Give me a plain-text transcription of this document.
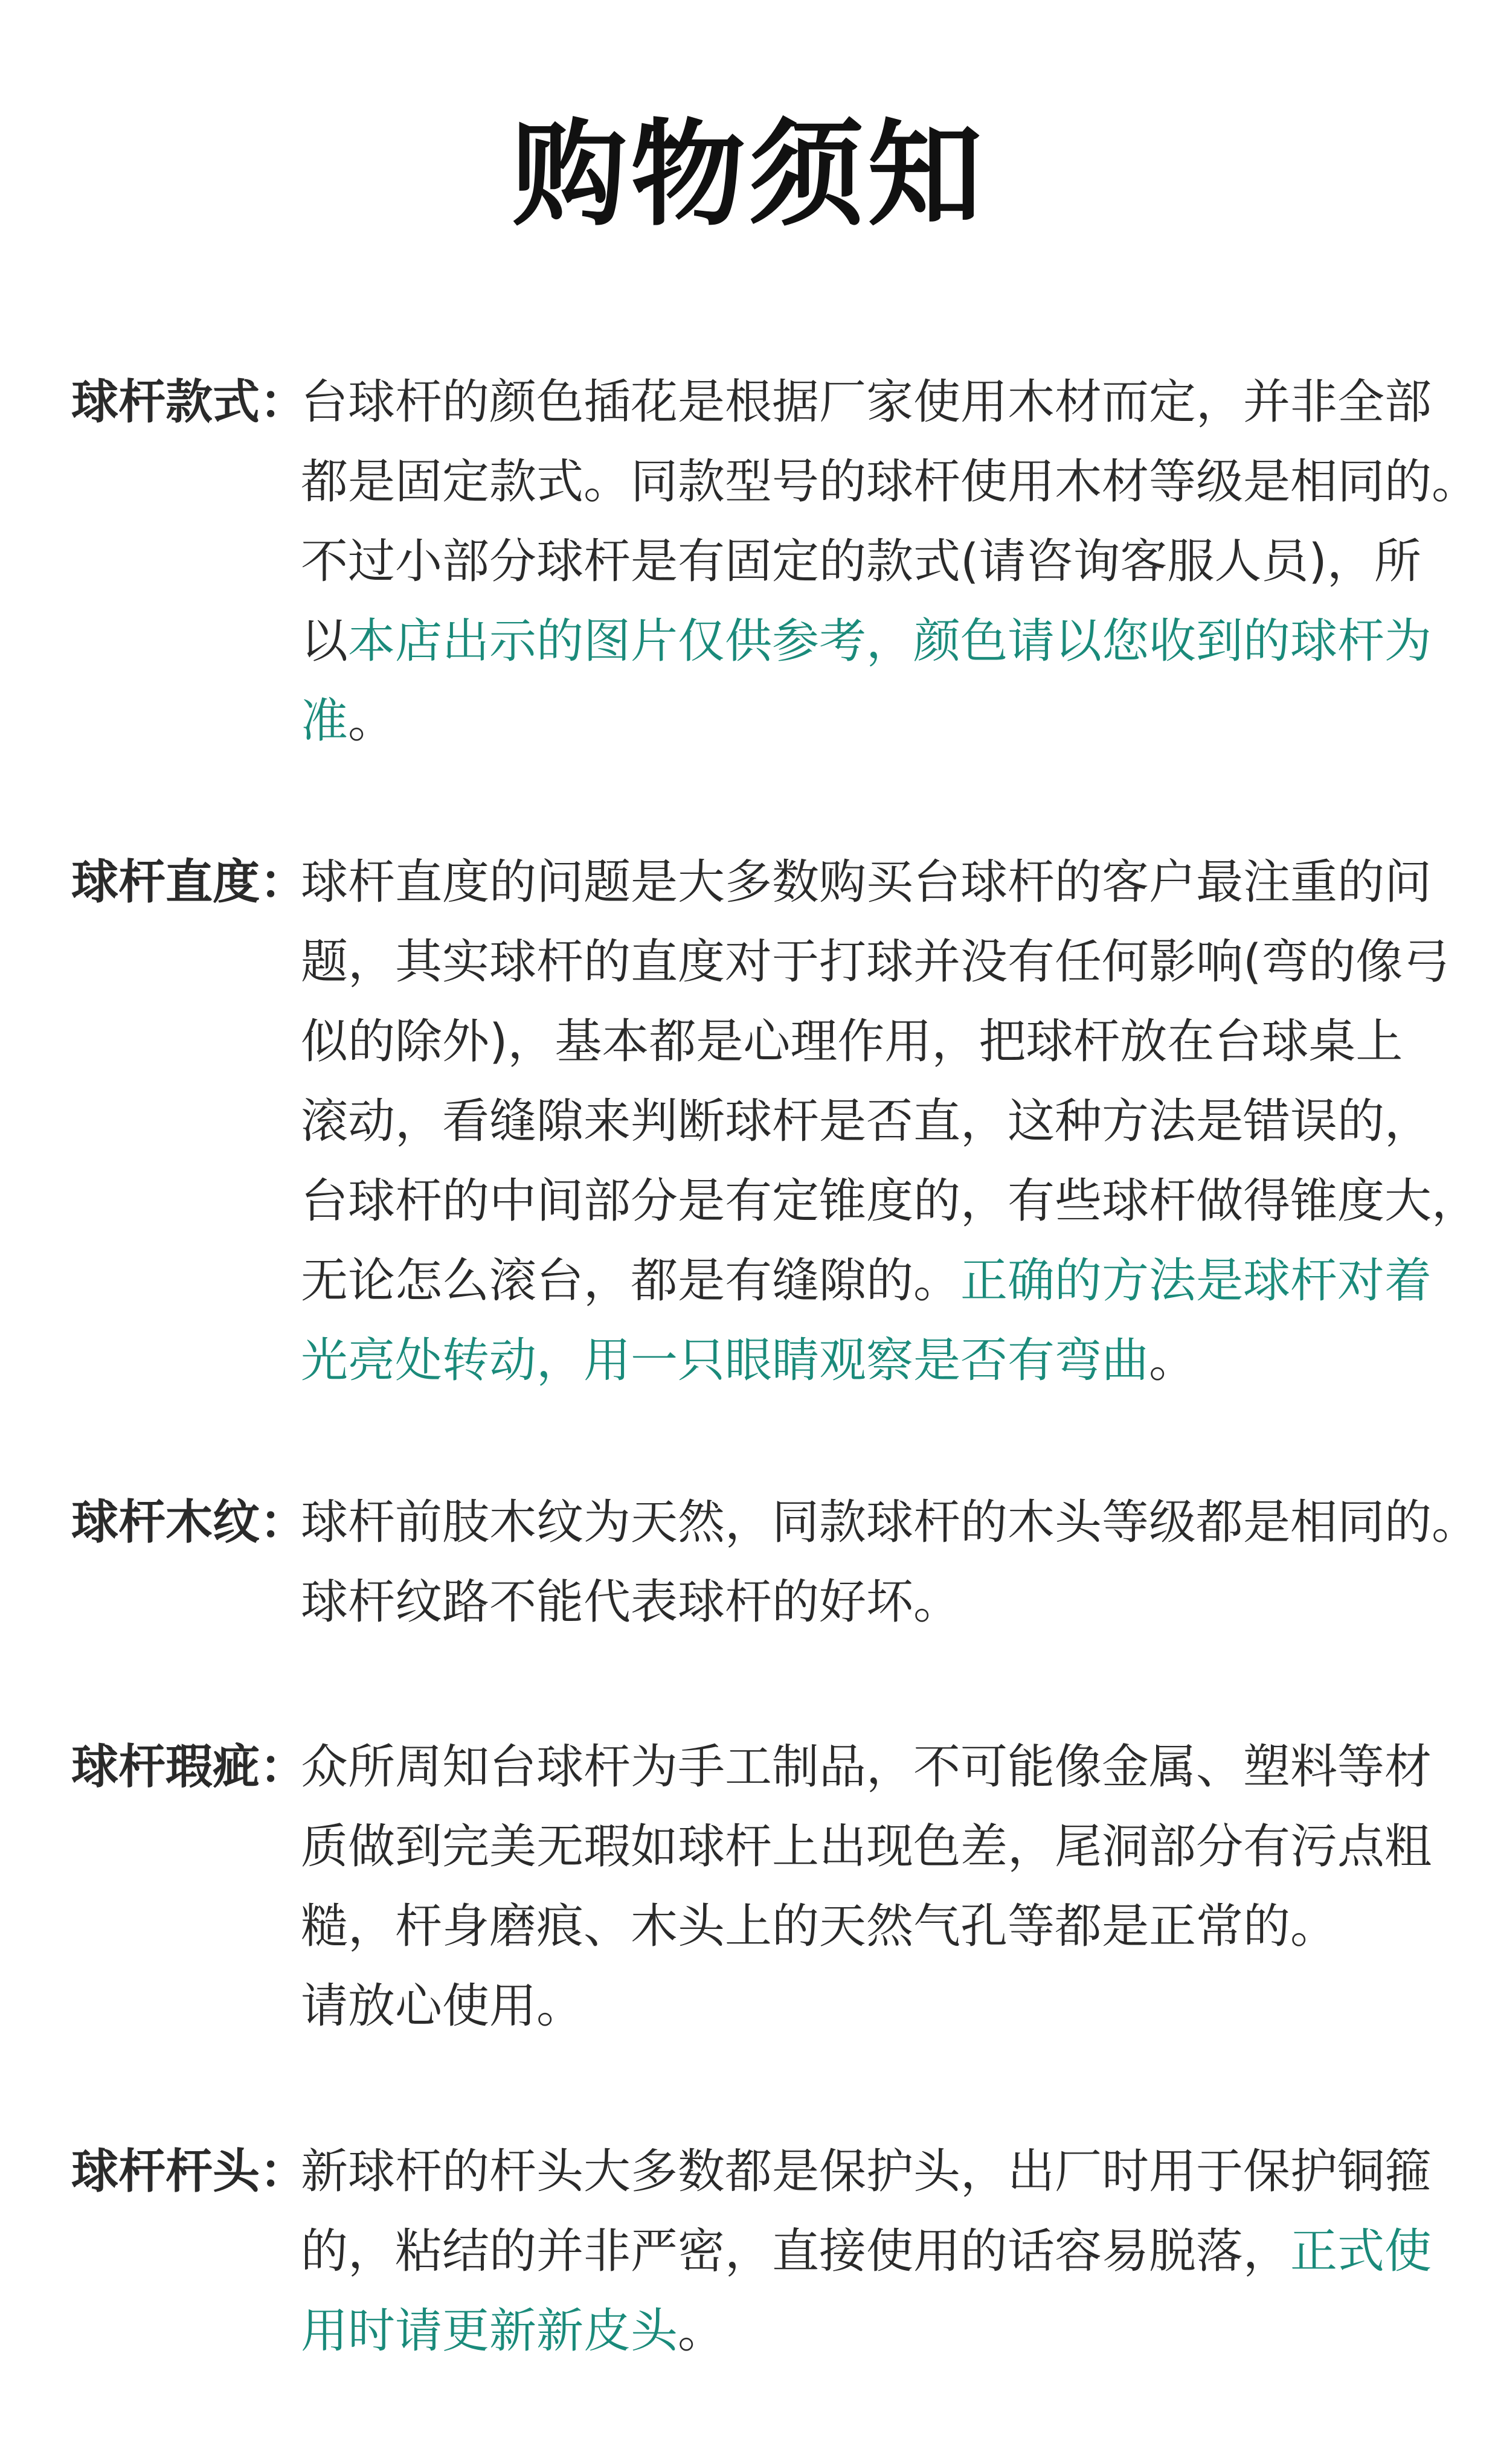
购物须知
球杆款式：
台球杆的颜色插花是根据厂家使用木材而定，并非全部
都是固定款式。同款型号的球杆使用木材等级是相同的。
不过小部分球杆是有固定的款式(请咨询客服人员)，所
以本店出示的图片仅供参考，颜色请以您收到的球杆为
准。
球杆直度：
球杆直度的问题是大多数购买台球杆的客户最注重的问
题，其实球杆的直度对于打球并没有任何影响(弯的像弓
似的除外)，基本都是心理作用，把球杆放在台球桌上
滚动，看缝隙来判断球杆是否直，这种方法是错误的，
台球杆的中间部分是有定锥度的，有些球杆做得锥度大，
无论怎么滚台，都是有缝隙的。正确的方法是球杆对着
光亮处转动，用一只眼睛观察是否有弯曲。
球杆木纹：
球杆前肢木纹为天然，同款球杆的木头等级都是相同的。
球杆纹路不能代表球杆的好坏。
球杆瑕疵：
众所周知台球杆为手工制品，不可能像金属、塑料等材
质做到完美无瑕如球杆上出现色差，尾洞部分有污点粗
糙，杆身磨痕、木头上的天然气孔等都是正常的。
请放心使用。
球杆杆头：
新球杆的杆头大多数都是保护头，出厂时用于保护铜箍
的，粘结的并非严密，直接使用的话容易脱落，正式使
用时请更新新皮头。
